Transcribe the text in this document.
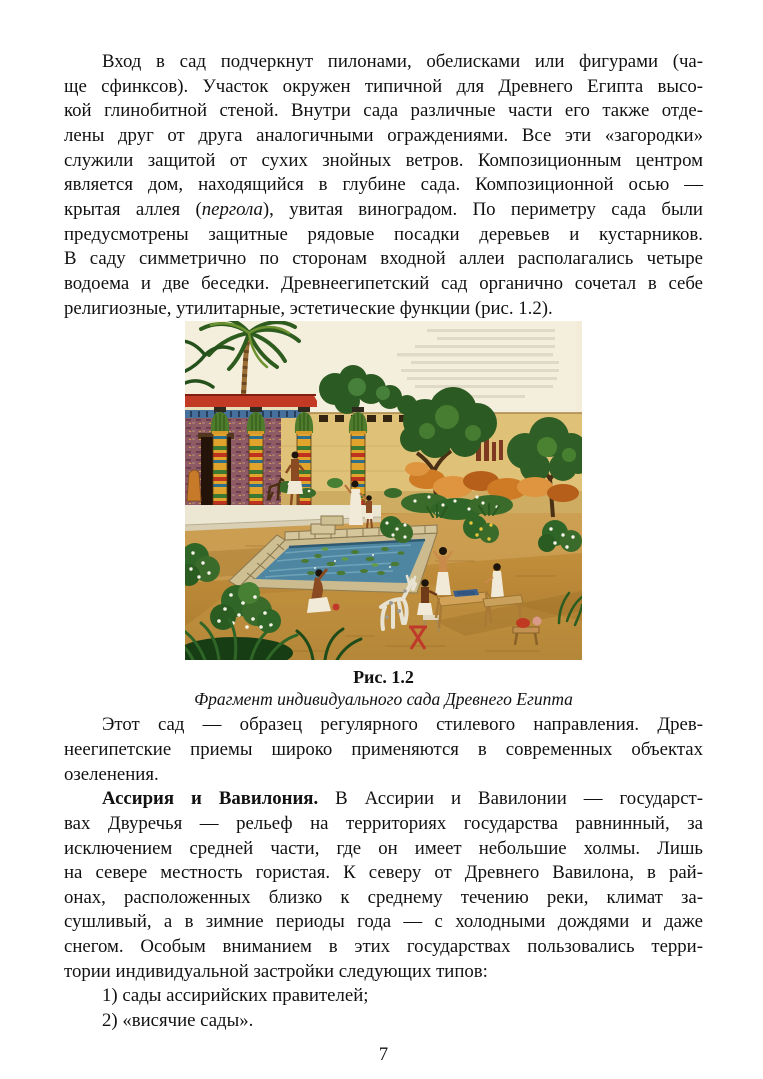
Вход в сад подчеркнут пилонами, обелисками или фигурами (ча-
ще сфинксов). Участок окружен типичной для Древнего Египта высо-
кой глинобитной стеной. Внутри сада различные части его также отде-
лены друг от друга аналогичными ограждениями. Все эти «загородки»
служили защитой от сухих знойных ветров. Композиционным центром
является дом, находящийся в глубине сада. Композиционной осью —
крытая аллея (пергола), увитая виноградом. По периметру сада были
предусмотрены защитные рядовые посадки деревьев и кустарников.
В саду симметрично по сторонам входной аллеи располагались четыре
водоема и две беседки. Древнеегипетский сад органично сочетал в себе
религиозные, утилитарные, эстетические функции (рис. 1.2).
Рис. 1.2
Фрагмент индивидуального сада Древнего Египта
Этот сад — образец регулярного стилевого направления. Древ-
неегипетские приемы широко применяются в современных объектах
озеленения.
Ассирия и Вавилония. В Ассирии и Вавилонии — государст-
вах Двуречья — рельеф на территориях государства равнинный, за
исключением средней части, где он имеет небольшие холмы. Лишь
на севере местность гористая. К северу от Древнего Вавилона, в рай-
онах, расположенных близко к среднему течению реки, климат за-
сушливый, а в зимние периоды года — с холодными дождями и даже
снегом. Особым вниманием в этих государствах пользовались терри-
тории индивидуальной застройки следующих типов:
1) сады ассирийских правителей;
2) «висячие сады».
7
